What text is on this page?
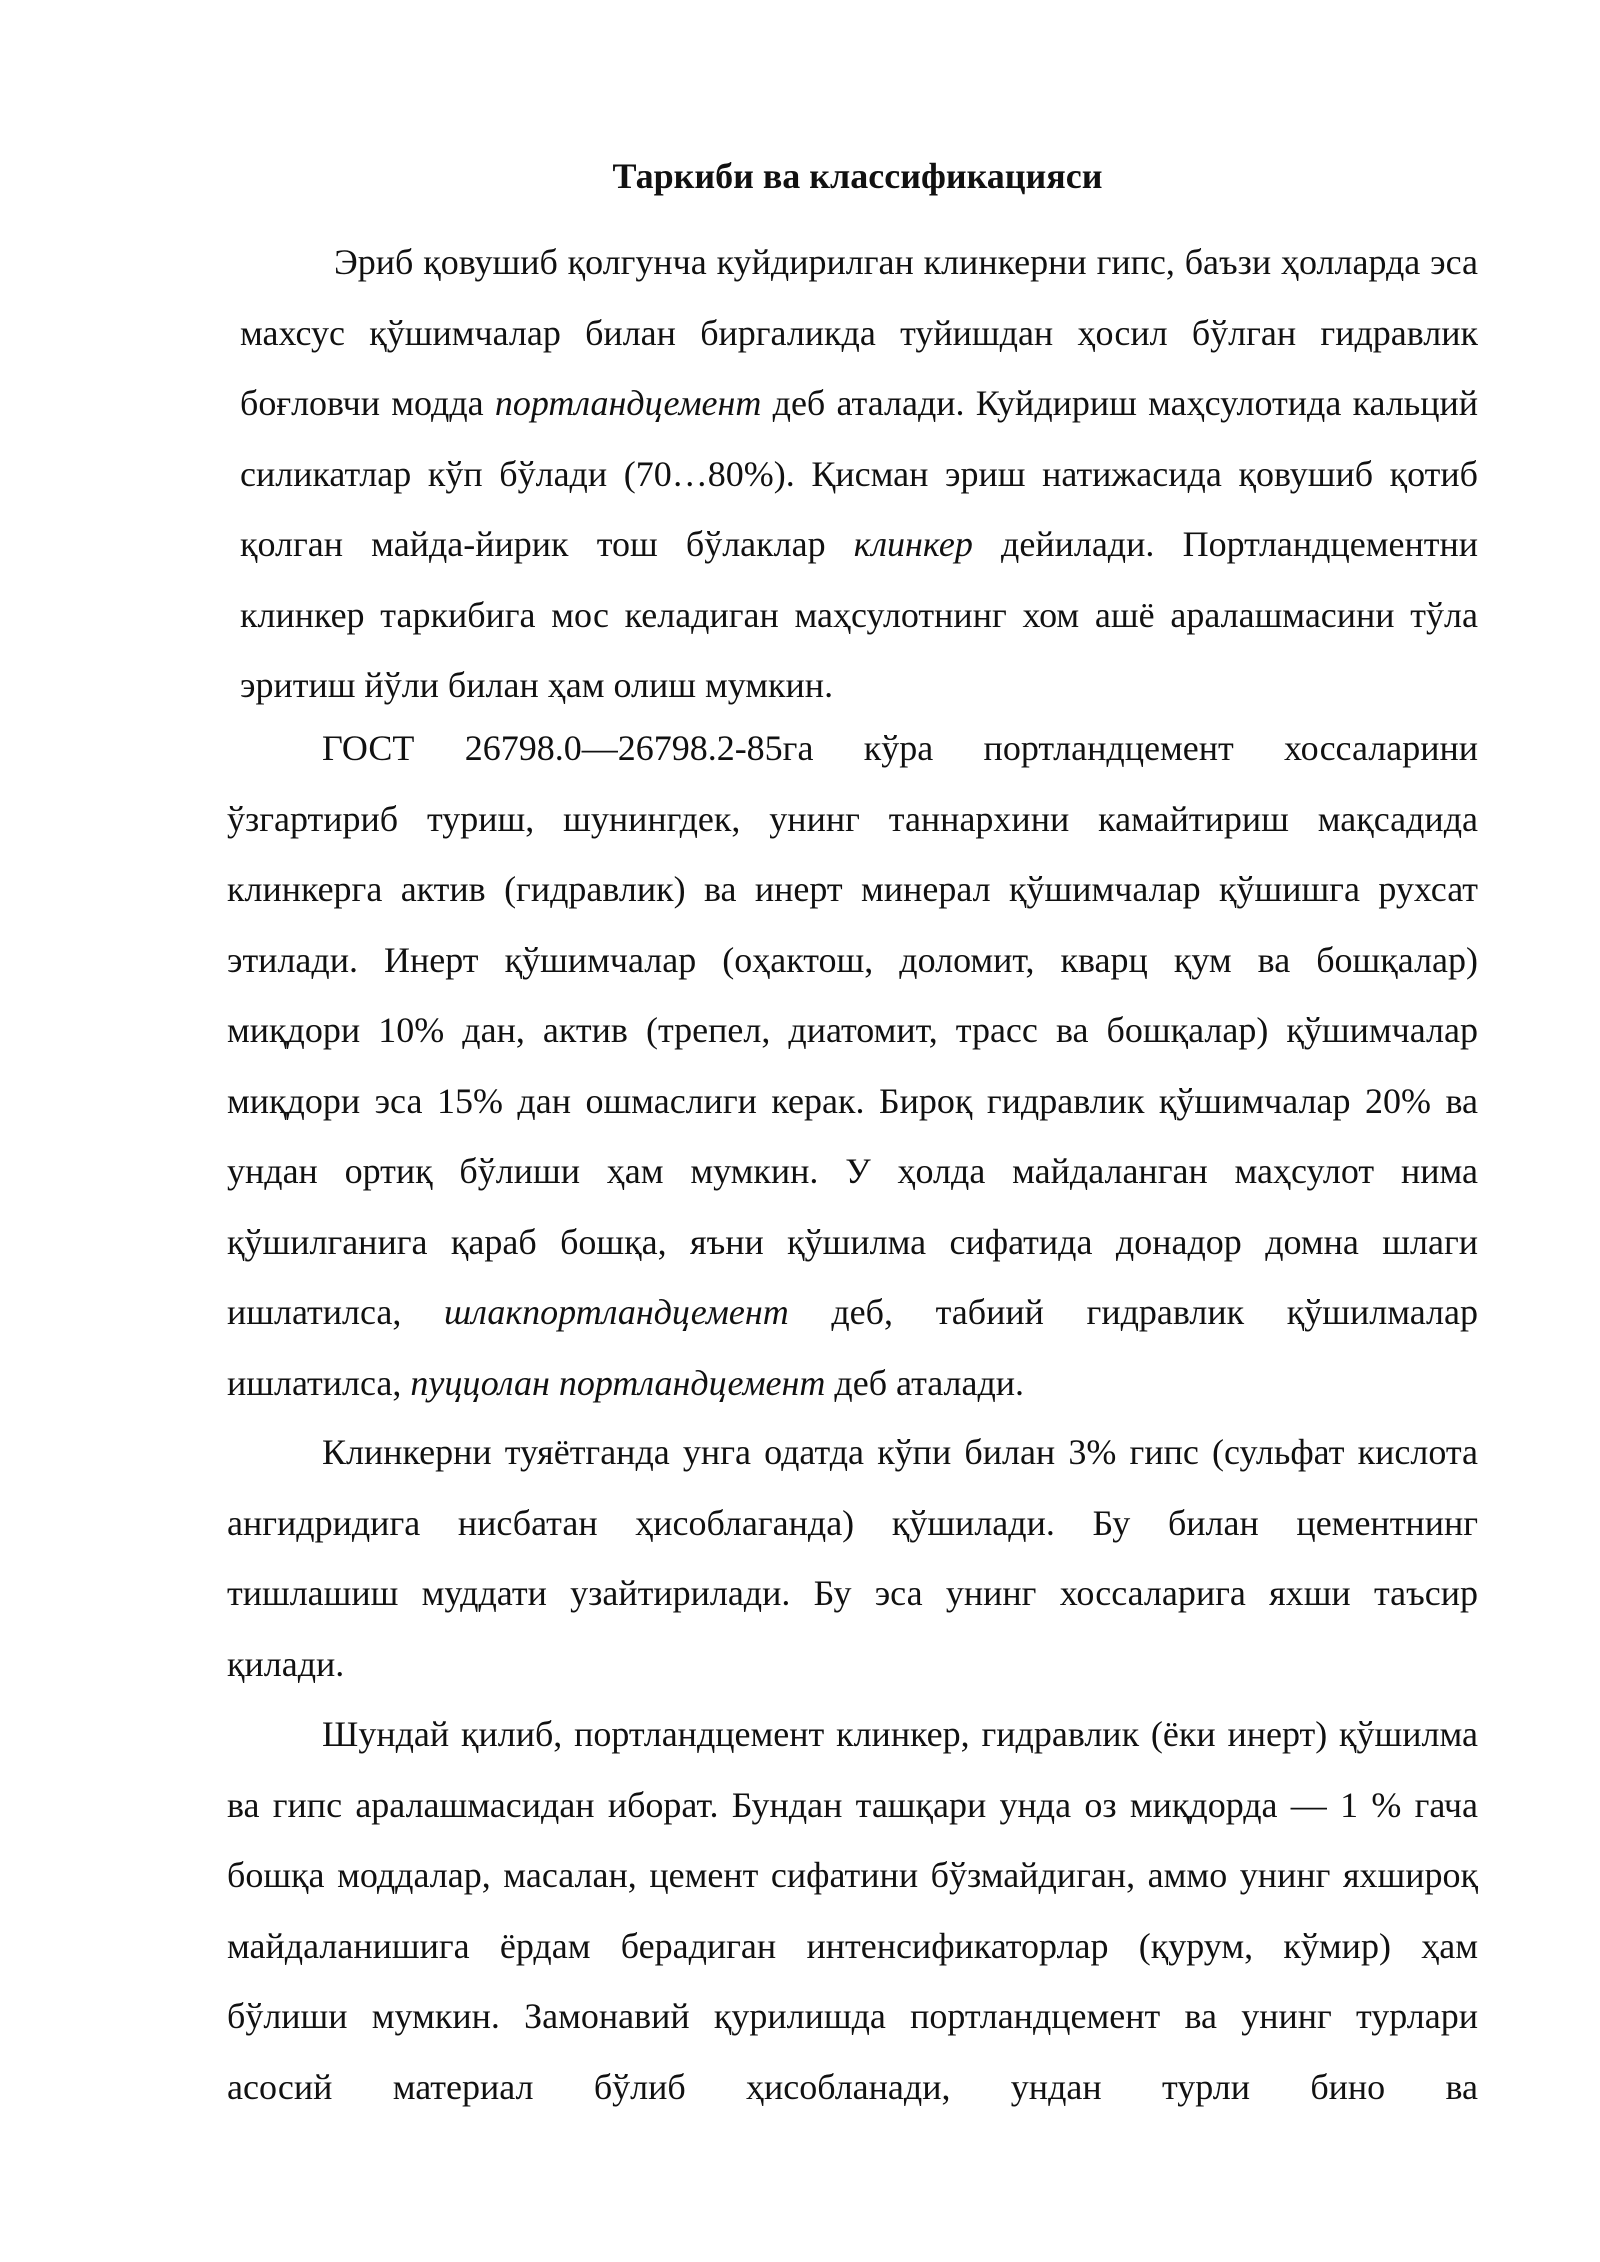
Таркиби ва классификацияси

Эриб қовушиб қолгунча куйдирилган клинкерни гипс, баъзи ҳолларда эса махсус қўшимчалар билан биргаликда туйишдан ҳосил бўлган гидравлик боғловчи модда портландцемент деб аталади. Куйдириш маҳсулотида кальций силикатлар кўп бўлади (70…80%). Қисман эриш натижасида қовушиб қотиб қолган майда-йирик тош бўлаклар клинкер дейилади. Портландцементни клинкер таркибига мос келадиган маҳсулотнинг хом ашё аралашмасини тўла эритиш йўли билан ҳам олиш мумкин.

ГОСТ 26798.0—26798.2-85га кўра портландцемент хоссаларини ўзгартириб туриш, шунингдек, унинг таннархини камайтириш мақсадида клинкерга актив (гидравлик) ва инерт минерал қўшимчалар қўшишга рухсат этилади. Инерт қўшимчалар (оҳактош, доломит, кварц қум ва бошқалар) миқдори 10% дан, актив (трепел, диатомит, трасс ва бошқалар) қўшимчалар миқдори эса 15% дан ошмаслиги керак. Бироқ гидравлик қўшимчалар 20% ва ундан ортиқ бўлиши ҳам мумкин. У ҳолда майдаланган маҳсулот нима қўшилганига қараб бошқа, яъни қўшилма сифатида донадор домна шлаги ишлатилса, шлакпортландцемент деб, табиий гидравлик қўшилмалар ишлатилса, пуццолан портландцемент деб аталади.

Клинкерни туяётганда унга одатда кўпи билан 3% гипс (сульфат кислота ангидридига нисбатан ҳисоблаганда) қўшилади. Бу билан цементнинг тишлашиш муддати узайтирилади. Бу эса унинг хоссаларига яхши таъсир қилади.

Шундай қилиб, портландцемент клинкер, гидравлик (ёки инерт) қўшилма ва гипс аралашмасидан иборат. Бундан ташқари унда оз миқдорда — 1 % гача бошқа моддалар, масалан, цемент сифатини бўзмайдиган, аммо унинг яхшироқ майдаланишига ёрдам берадиган интенсификаторлар (қурум, кўмир) ҳам бўлиши мумкин. Замонавий қурилишда портландцемент ва унинг турлари асосий материал бўлиб ҳисобланади, ундан турли бино ва
